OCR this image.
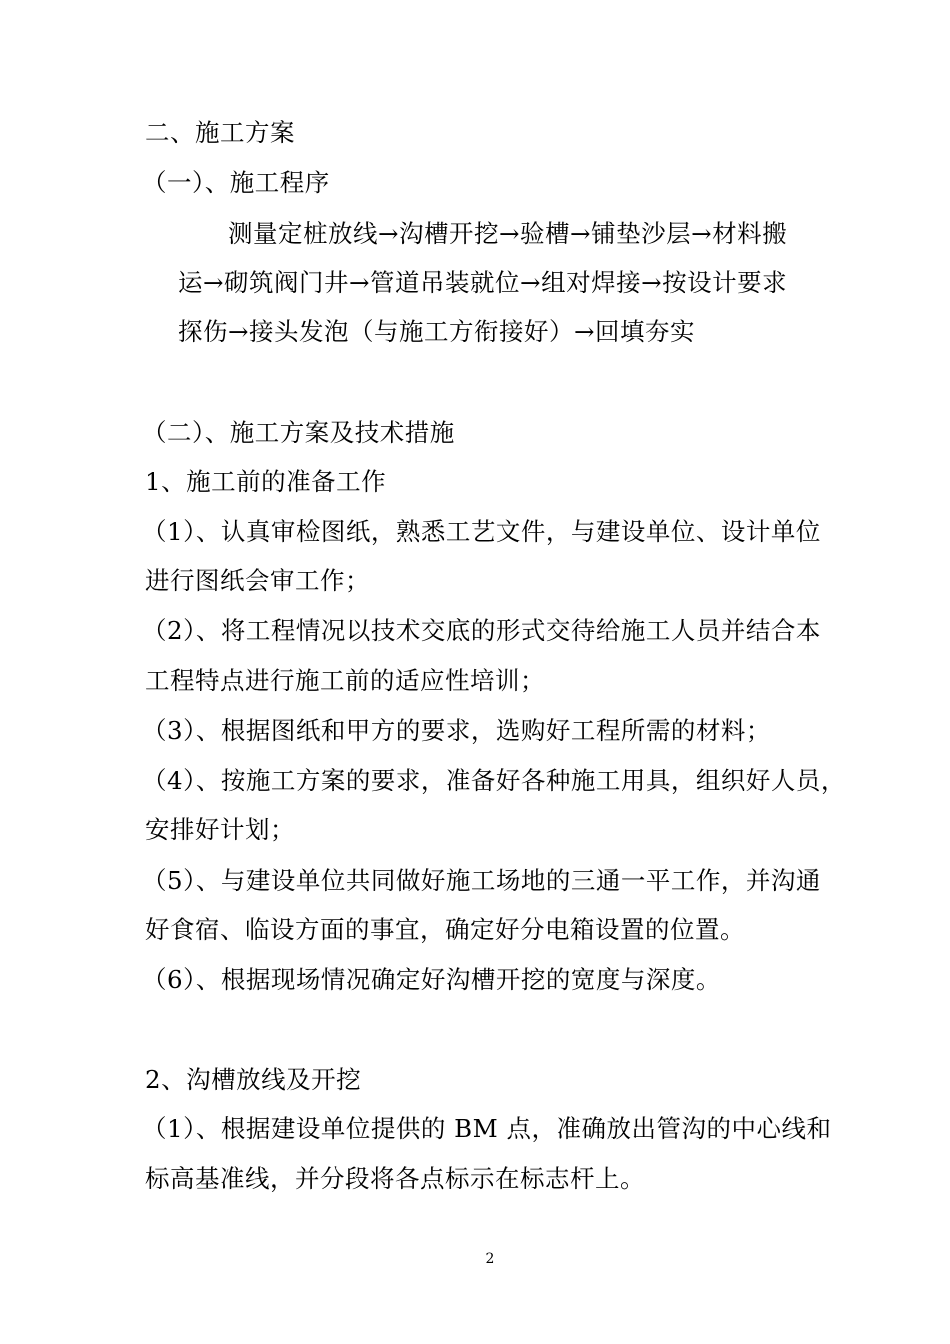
二、施工方案
（一）、施工程序
测量定桩放线→沟槽开挖→验槽→铺垫沙层→材料搬
运→砌筑阀门井→管道吊装就位→组对焊接→按设计要求
探伤→接头发泡（与施工方衔接好）→回填夯实
（二）、施工方案及技术措施
1、施工前的准备工作
（1）、认真审检图纸，熟悉工艺文件，与建设单位、设计单位
进行图纸会审工作；
（2）、将工程情况以技术交底的形式交待给施工人员并结合本
工程特点进行施工前的适应性培训；
（3）、根据图纸和甲方的要求，选购好工程所需的材料；
（4）、按施工方案的要求，准备好各种施工用具，组织好人员，
安排好计划；
（5）、与建设单位共同做好施工场地的三通一平工作，并沟通
好食宿、临设方面的事宜，确定好分电箱设置的位置。
（6）、根据现场情况确定好沟槽开挖的宽度与深度。
2、沟槽放线及开挖
（1）、根据建设单位提供的 BM 点，准确放出管沟的中心线和
标高基准线，并分段将各点标示在标志杆上。
2
